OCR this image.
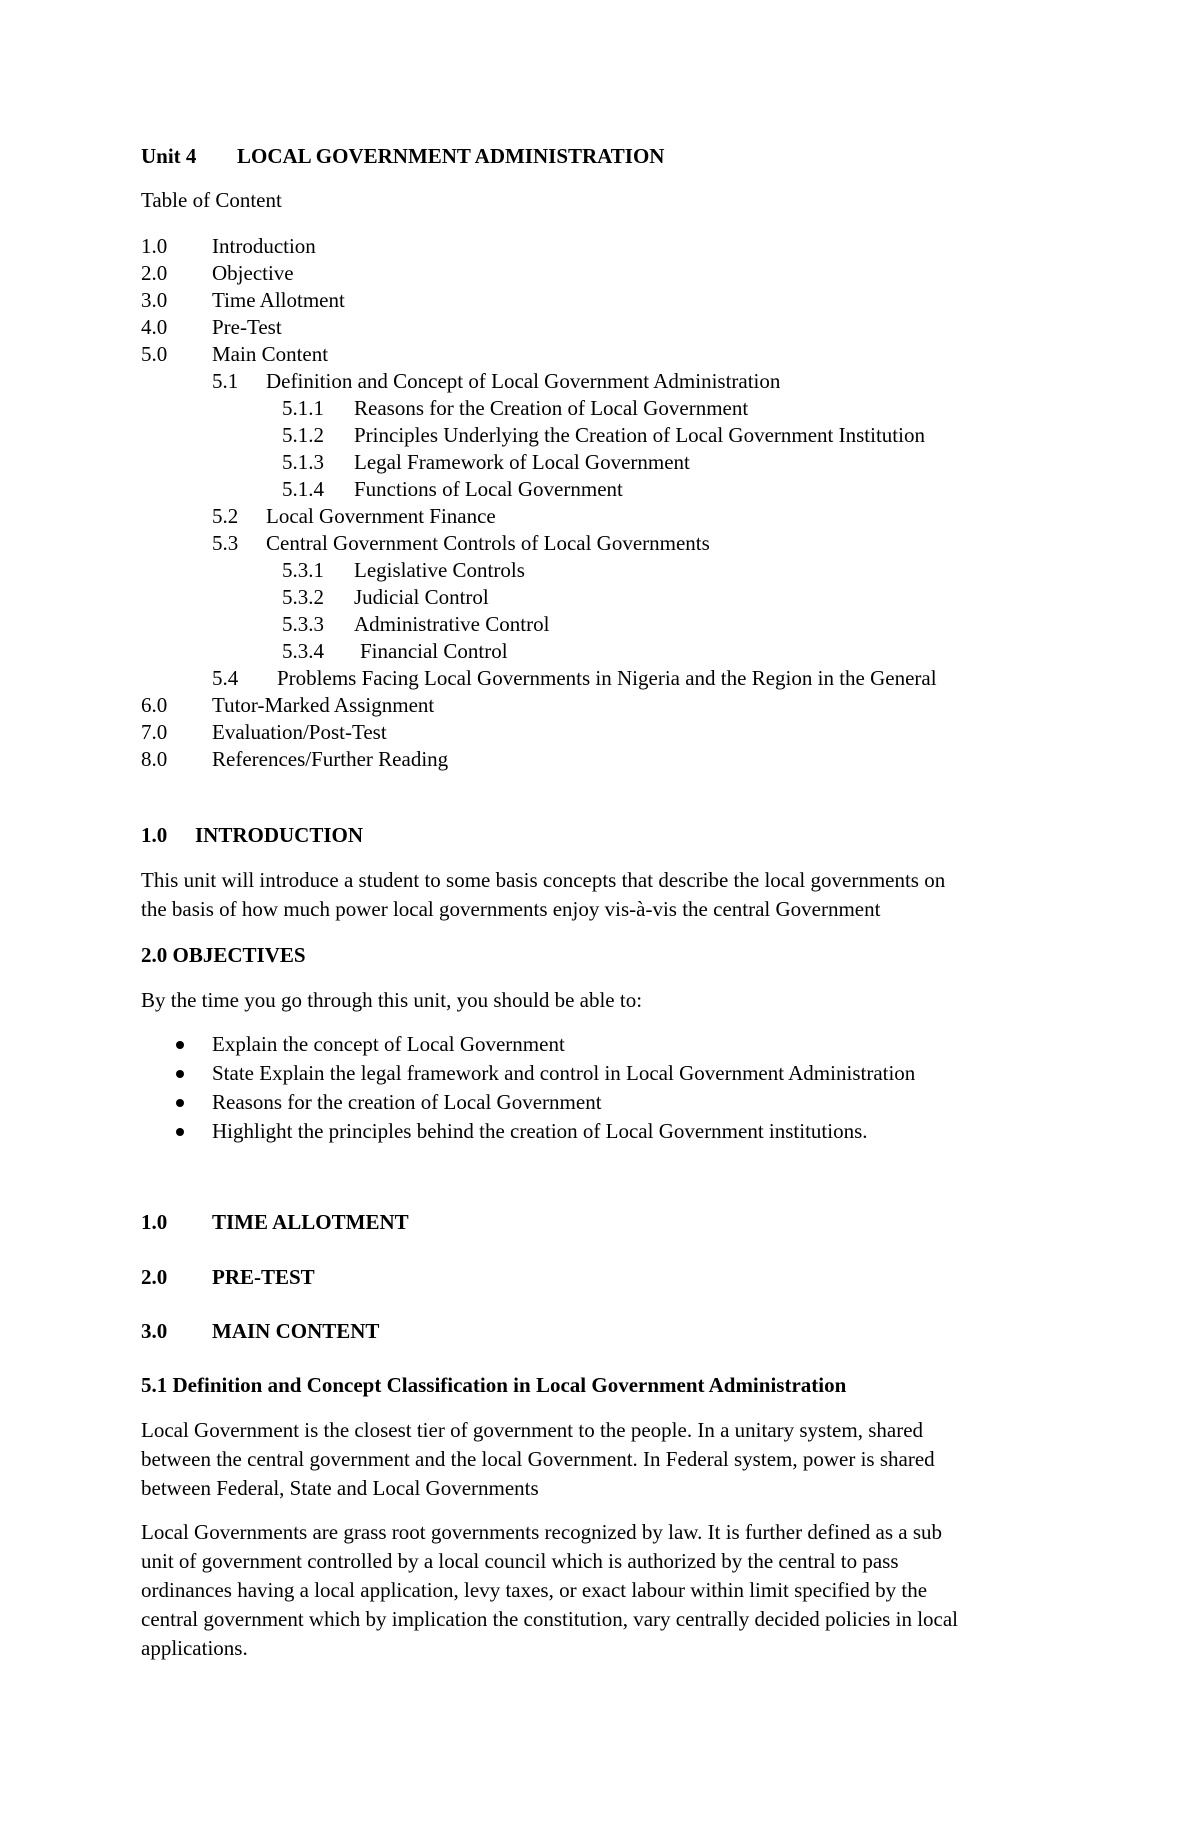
Unit 4 LOCAL GOVERNMENT ADMINISTRATION
Table of Content
1.0 Introduction
2.0 Objective
3.0 Time Allotment
4.0 Pre-Test
5.0 Main Content
5.1 Definition and Concept of Local Government Administration
5.1.1 Reasons for the Creation of Local Government
5.1.2 Principles Underlying the Creation of Local Government Institution
5.1.3 Legal Framework of Local Government
5.1.4 Functions of Local Government
5.2 Local Government Finance
5.3 Central Government Controls of Local Governments
5.3.1 Legislative Controls
5.3.2 Judicial Control
5.3.3 Administrative Control
5.3.4 Financial Control
5.4 Problems Facing Local Governments in Nigeria and the Region in the General
6.0 Tutor-Marked Assignment
7.0 Evaluation/Post-Test
8.0 References/Further Reading
1.0 INTRODUCTION
This unit will introduce a student to some basis concepts that describe the local governments on
the basis of how much power local governments enjoy vis-à-vis the central Government
2.0 OBJECTIVES
By the time you go through this unit, you should be able to:
Explain the concept of Local Government
State Explain the legal framework and control in Local Government Administration
Reasons for the creation of Local Government
Highlight the principles behind the creation of Local Government institutions.
1.0 TIME ALLOTMENT
2.0 PRE-TEST
3.0 MAIN CONTENT
5.1 Definition and Concept Classification in Local Government Administration
Local Government is the closest tier of government to the people. In a unitary system, shared
between the central government and the local Government. In Federal system, power is shared
between Federal, State and Local Governments
Local Governments are grass root governments recognized by law. It is further defined as a sub
unit of government controlled by a local council which is authorized by the central to pass
ordinances having a local application, levy taxes, or exact labour within limit specified by the
central government which by implication the constitution, vary centrally decided policies in local
applications.
